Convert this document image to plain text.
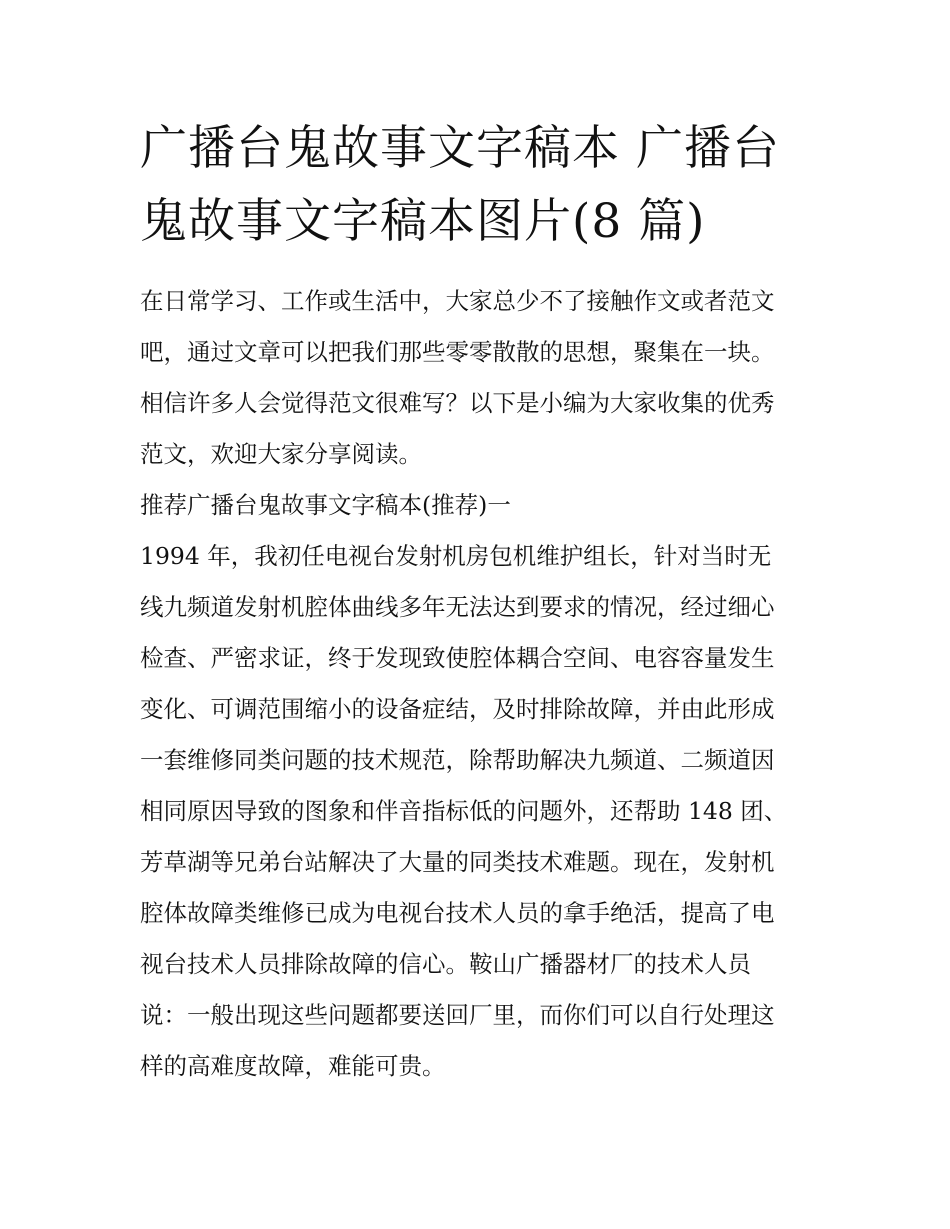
广播台鬼故事文字稿本 广播台
鬼故事文字稿本图片(8 篇)
在日常学习、工作或生活中，大家总少不了接触作文或者范文
吧，通过文章可以把我们那些零零散散的思想，聚集在一块。
相信许多人会觉得范文很难写？以下是小编为大家收集的优秀
范文，欢迎大家分享阅读。
推荐广播台鬼故事文字稿本(推荐)一
1994 年，我初任电视台发射机房包机维护组长，针对当时无
线九频道发射机腔体曲线多年无法达到要求的情况，经过细心
检查、严密求证，终于发现致使腔体耦合空间、电容容量发生
变化、可调范围缩小的设备症结，及时排除故障，并由此形成
一套维修同类问题的技术规范，除帮助解决九频道、二频道因
相同原因导致的图象和伴音指标低的问题外，还帮助 148 团、
芳草湖等兄弟台站解决了大量的同类技术难题。现在，发射机
腔体故障类维修已成为电视台技术人员的拿手绝活，提高了电
视台技术人员排除故障的信心。鞍山广播器材厂的技术人员
说：一般出现这些问题都要送回厂里，而你们可以自行处理这
样的高难度故障，难能可贵。
